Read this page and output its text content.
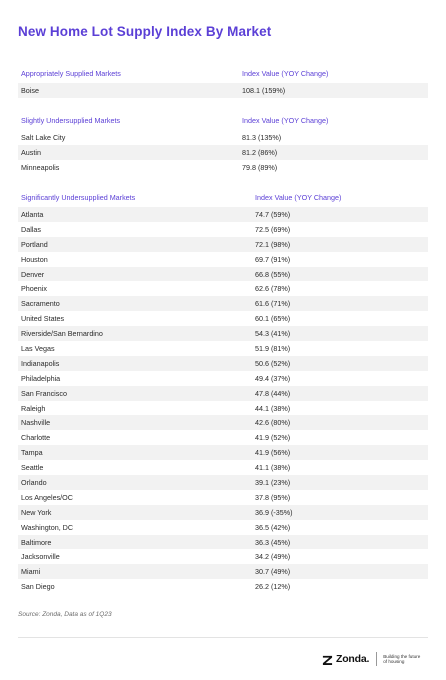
New Home Lot Supply Index By Market
Appropriately Supplied Markets	Index Value (YOY Change)
Boise	108.1 (159%)
Slightly Undersupplied Markets	Index Value (YOY Change)
Salt Lake City	81.3 (135%)
Austin	81.2 (86%)
Minneapolis	79.8 (89%)
Significantly Undersupplied Markets	Index Value (YOY Change)
Atlanta	74.7 (59%)
Dallas	72.5 (69%)
Portland	72.1 (98%)
Houston	69.7 (91%)
Denver	66.8 (55%)
Phoenix	62.6 (78%)
Sacramento	61.6 (71%)
United States	60.1 (65%)
Riverside/San Bernardino	54.3 (41%)
Las Vegas	51.9 (81%)
Indianapolis	50.6 (52%)
Philadelphia	49.4 (37%)
San Francisco	47.8 (44%)
Raleigh	44.1 (38%)
Nashville	42.6 (80%)
Charlotte	41.9 (52%)
Tampa	41.9 (56%)
Seattle	41.1 (38%)
Orlando	39.1 (23%)
Los Angeles/OC	37.8 (95%)
New York	36.9 (-35%)
Washington, DC	36.5 (42%)
Baltimore	36.3 (45%)
Jacksonville	34.2 (49%)
Miami	30.7 (49%)
San Diego	26.2 (12%)
Source: Zonda, Data as of 1Q23
Zonda.	Building the future of housing
